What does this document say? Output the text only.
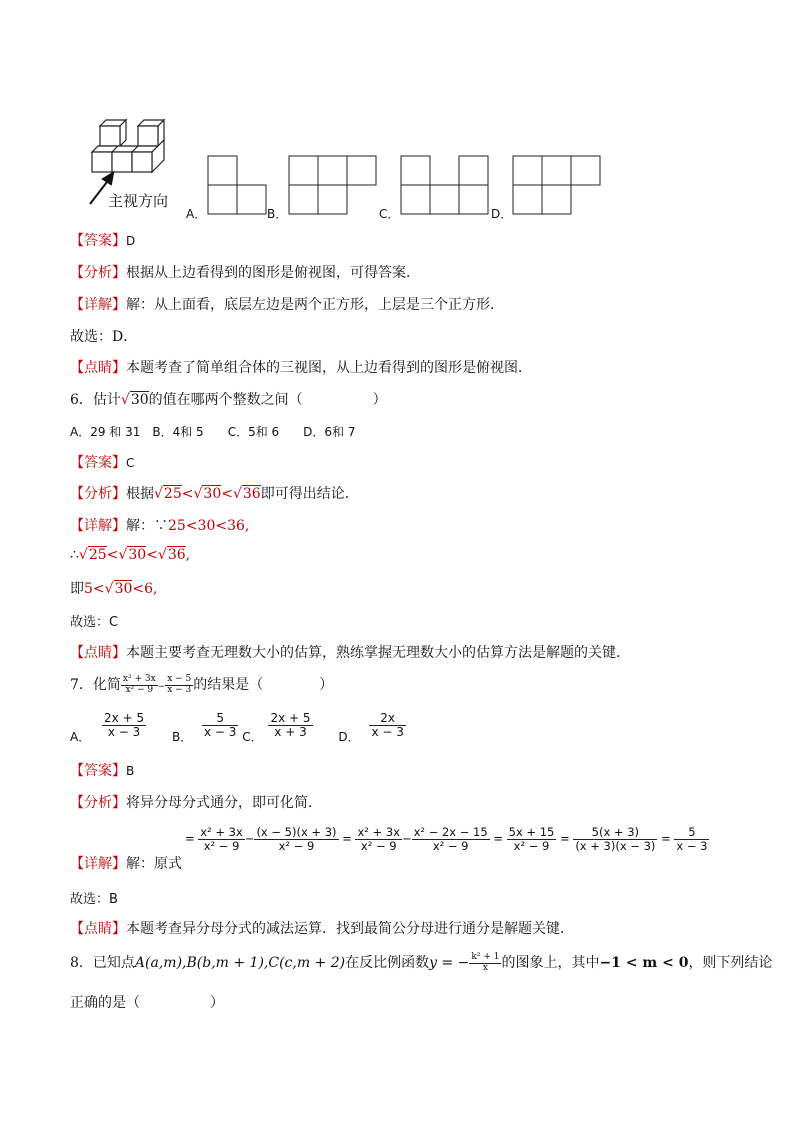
主视方向
A．	B．	C．	D．
【答案】D
【分析】根据从上边看得到的图形是俯视图，可得答案．
【详解】解：从上面看，底层左边是两个正方形，上层是三个正方形．
故选：D．
【点睛】本题考查了简单组合体的三视图，从上边看得到的图形是俯视图．
6．估计√30的值在哪两个整数之间（　　　　　）
A．29 和 31　B．4和 5　　C．5和 6　　D．6和 7
【答案】C
【分析】根据√25<√30<√36即可得出结论．
【详解】解：∵25<30<36,
∴√25<√30<√36,
即5<√30<6,
故选：C
【点睛】本题主要考查无理数大小的估算，熟练掌握无理数大小的估算方法是解题的关键．
7．化简 $\frac{\text{x² + 3x}}{\text{x² − 9}} - \frac{x - 5}{x - 3}$ 的结果是（　　　　）
A． $\frac{2x + 5}{x - 3}$ B． $\frac{5}{x - 3}$ C． $\frac{2x + 5}{x + 3}$ D． $\frac{2x}{x - 3}$
【答案】B
【分析】将异分母分式通分，即可化简．
【详解】解：原式
= $\frac{\text{x² + 3x}}{\text{x² − 9}} - \frac{(x - 5)(x + 3)}{\text{x² − 9}} = \frac{\text{x² + 3x}}{\text{x² − 9}} - \frac{\text{x² − 2x − 15}}{\text{x² − 9}} = \frac{5x + 15}{\text{x² − 9}} = \frac{5(x + 3)}{(x + 3)(x - 3)} = \frac{5}{x - 3}$
故选：B
【点睛】本题考查异分母分式的减法运算．找到最简公分母进行通分是解题关键．
8．已知点A(a,m),B(b,m + 1),C(c,m + 2)在反比例函数y = − $\frac{\text{k² + 1}}{x}$ 的图象上，其中−1 < m < 0，则下列结论
正确的是（　　　　　）
